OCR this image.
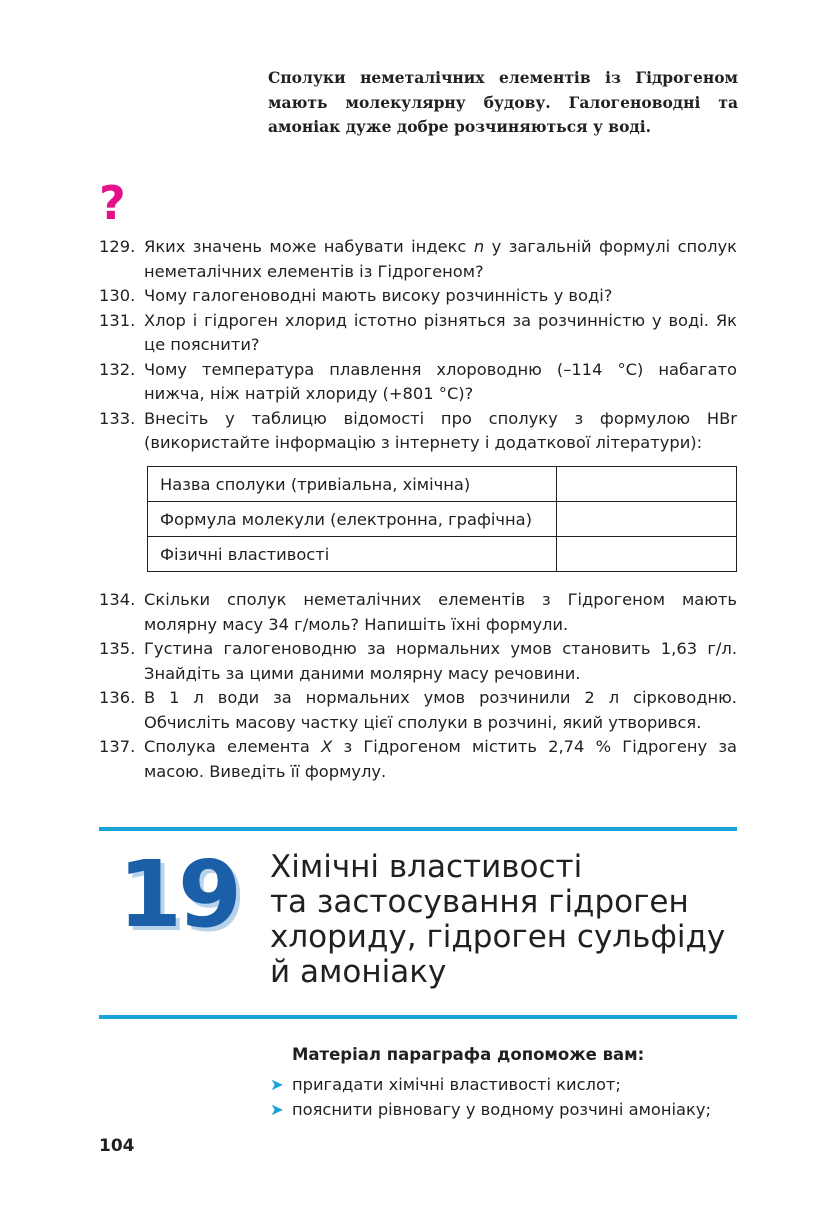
Сполуки неметалічних елементів із Гідрогеном мають молекулярну будову. Галогеноводні та амоніак дуже добре розчиняються у воді.

?
129. Яких значень може набувати індекс n у загальній формулі сполук неметалічних елементів із Гідрогеном?
130. Чому галогеноводні мають високу розчинність у воді?
131. Хлор і гідроген хлорид істотно різняться за розчинністю у воді. Як це пояснити?
132. Чому температура плавлення хлороводню (–114 °C) набагато нижча, ніж натрій хлориду (+801 °C)?
133. Внесіть у таблицю відомості про сполуку з формулою HBr (використайте інформацію з інтернету і додаткової літератури):
Назва сполуки (тривіальна, хімічна)	
Формула молекули (електронна, графічна)	
Фізичні властивості	
134. Скільки сполук неметалічних елементів з Гідрогеном мають молярну масу 34 г/моль? Напишіть їхні формули.
135. Густина галогеноводню за нормальних умов становить 1,63 г/л. Знайдіть за цими даними молярну масу речовини.
136. В 1 л води за нормальних умов розчинили 2 л сірководню. Обчисліть масову частку цієї сполуки в розчині, який утворився.
137. Сполука елемента X з Гідрогеном містить 2,74 % Гідрогену за масою. Виведіть її формулу.
19 Хімічні властивості
та застосування гідроген
хлориду, гідроген сульфіду
й амоніаку
Матеріал параграфа допоможе вам:
➤ пригадати хімічні властивості кислот;
➤ пояснити рівновагу у водному розчині амоніаку;
104
